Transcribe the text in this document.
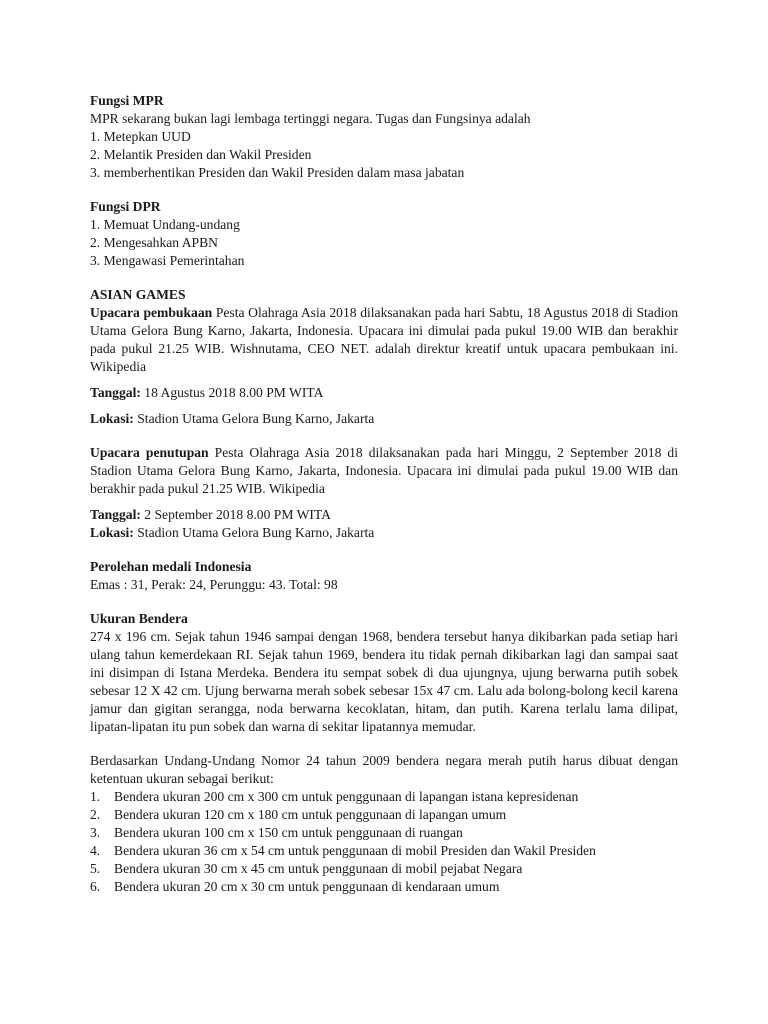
Fungsi MPR

MPR sekarang bukan lagi lembaga tertinggi negara. Tugas dan Fungsinya adalah

1. Metepkan UUD
2. Melantik Presiden dan Wakil Presiden
3. memberhentikan Presiden dan Wakil Presiden dalam masa jabatan

Fungsi DPR

1. Memuat Undang-undang
2. Mengesahkan APBN
3. Mengawasi Pemerintahan

ASIAN GAMES

Upacara pembukaan Pesta Olahraga Asia 2018 dilaksanakan pada hari Sabtu, 18 Agustus 2018 di Stadion Utama Gelora Bung Karno, Jakarta, Indonesia. Upacara ini dimulai pada pukul 19.00 WIB dan berakhir pada pukul 21.25 WIB. Wishnutama, CEO NET. adalah direktur kreatif untuk upacara pembukaan ini. Wikipedia

Tanggal: 18 Agustus 2018 8.00 PM WITA

Lokasi: Stadion Utama Gelora Bung Karno, Jakarta

Upacara penutupan Pesta Olahraga Asia 2018 dilaksanakan pada hari Minggu, 2 September 2018 di Stadion Utama Gelora Bung Karno, Jakarta, Indonesia. Upacara ini dimulai pada pukul 19.00 WIB dan berakhir pada pukul 21.25 WIB. Wikipedia

Tanggal: 2 September 2018 8.00 PM WITA

Lokasi: Stadion Utama Gelora Bung Karno, Jakarta

Perolehan medali Indonesia

Emas : 31, Perak: 24, Perunggu: 43. Total: 98

Ukuran Bendera

274 x 196 cm. Sejak tahun 1946 sampai dengan 1968, bendera tersebut hanya dikibarkan pada setiap hari ulang tahun kemerdekaan RI. Sejak tahun 1969, bendera itu tidak pernah dikibarkan lagi dan sampai saat ini disimpan di Istana Merdeka. Bendera itu sempat sobek di dua ujungnya, ujung berwarna putih sobek sebesar 12 X 42 cm. Ujung berwarna merah sobek sebesar 15x 47 cm. Lalu ada bolong-bolong kecil karena jamur dan gigitan serangga, noda berwarna kecoklatan, hitam, dan putih. Karena terlalu lama dilipat, lipatan-lipatan itu pun sobek dan warna di sekitar lipatannya memudar.

Berdasarkan Undang-Undang Nomor 24 tahun 2009 bendera negara merah putih harus dibuat dengan ketentuan ukuran sebagai berikut:

1. Bendera ukuran 200 cm x 300 cm untuk penggunaan di lapangan istana kepresidenan
2. Bendera ukuran 120 cm x 180 cm untuk penggunaan di lapangan umum
3. Bendera ukuran 100 cm x 150 cm untuk penggunaan di ruangan
4. Bendera ukuran 36 cm x 54 cm untuk penggunaan di mobil Presiden dan Wakil Presiden
5. Bendera ukuran 30 cm x 45 cm untuk penggunaan di mobil pejabat Negara
6. Bendera ukuran 20 cm x 30 cm untuk penggunaan di kendaraan umum
